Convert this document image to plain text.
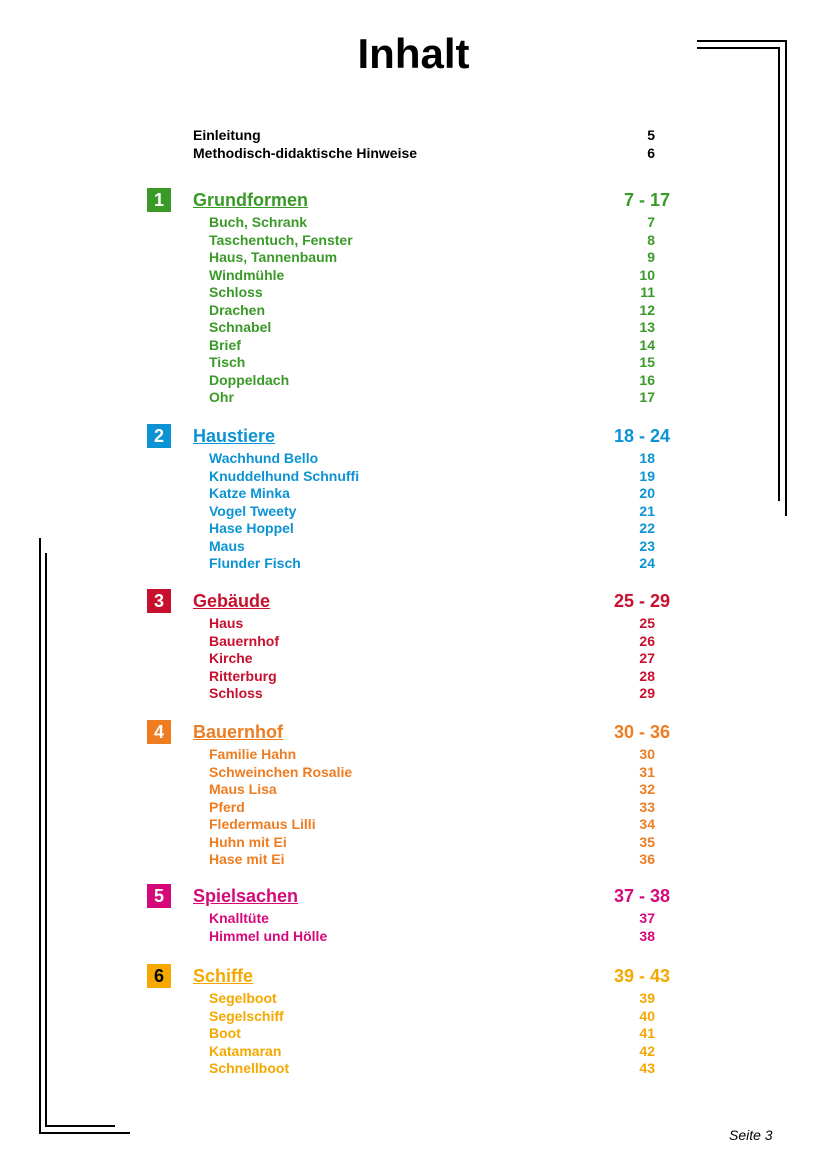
Inhalt
Einleitung	5
Methodisch-didaktische Hinweise	6
1	Grundformen	7 - 17
Buch, Schrank	7
Taschentuch, Fenster	8
Haus, Tannenbaum	9
Windmühle	10
Schloss	11
Drachen	12
Schnabel	13
Brief	14
Tisch	15
Doppeldach	16
Ohr	17
2	Haustiere	18 - 24
Wachhund Bello	18
Knuddelhund Schnuffi	19
Katze Minka	20
Vogel Tweety	21
Hase Hoppel	22
Maus	23
Flunder Fisch	24
3	Gebäude	25 - 29
Haus	25
Bauernhof	26
Kirche	27
Ritterburg	28
Schloss	29
4	Bauernhof	30 - 36
Familie Hahn	30
Schweinchen Rosalie	31
Maus Lisa	32
Pferd	33
Fledermaus Lilli	34
Huhn mit Ei	35
Hase mit Ei	36
5	Spielsachen	37 - 38
Knalltüte	37
Himmel und Hölle	38
6	Schiffe	39 - 43
Segelboot	39
Segelschiff	40
Boot	41
Katamaran	42
Schnellboot	43
Seite 3
